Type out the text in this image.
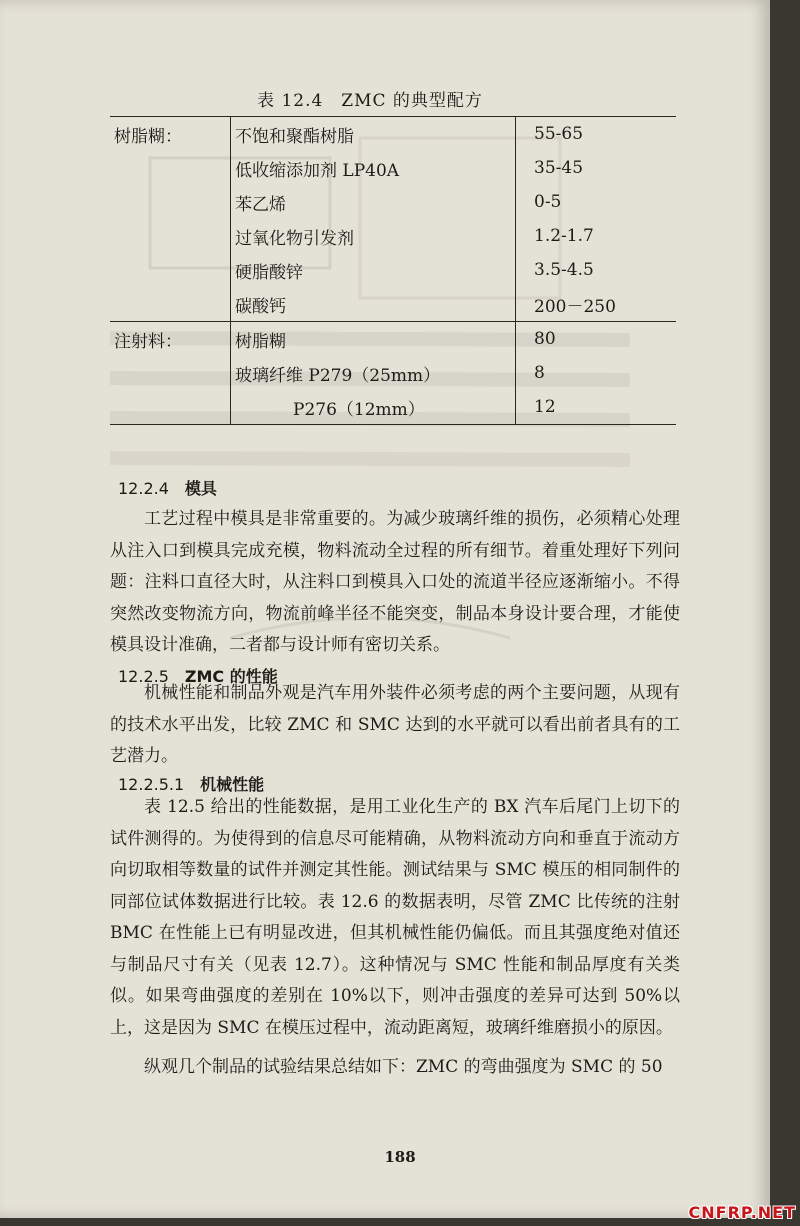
表 12.4　ZMC 的典型配方
树脂糊：	不饱和聚酯树脂	55-65
	低收缩添加剂 LP40A	35-45
	苯乙烯	0-5
	过氧化物引发剂	1.2-1.7
	硬脂酸锌	3.5-4.5
	碳酸钙	200－250
注射料：	树脂糊	80
	玻璃纤维 P279（25mm）	8
	P276（12mm）	12
12.2.4 模具

工艺过程中模具是非常重要的。为减少玻璃纤维的损伤，必须精心处理从注入口到模具完成充模，物料流动全过程的所有细节。着重处理好下列问题：注料口直径大时，从注料口到模具入口处的流道半径应逐渐缩小。不得突然改变物流方向，物流前峰半径不能突变，制品本身设计要合理，才能使模具设计准确，二者都与设计师有密切关系。

12.2.5 ZMC 的性能

机械性能和制品外观是汽车用外装件必须考虑的两个主要问题，从现有的技术水平出发，比较 ZMC 和 SMC 达到的水平就可以看出前者具有的工艺潜力。

12.2.5.1 机械性能

表 12.5 给出的性能数据，是用工业化生产的 BX 汽车后尾门上切下的试件测得的。为使得到的信息尽可能精确，从物料流动方向和垂直于流动方向切取相等数量的试件并测定其性能。测试结果与 SMC 模压的相同制件的同部位试体数据进行比较。表 12.6 的数据表明，尽管 ZMC 比传统的注射 BMC 在性能上已有明显改进，但其机械性能仍偏低。而且其强度绝对值还与制品尺寸有关（见表 12.7）。这种情况与 SMC 性能和制品厚度有关类似。如果弯曲强度的差别在 10%以下，则冲击强度的差异可达到 50%以上，这是因为 SMC 在模压过程中，流动距离短，玻璃纤维磨损小的原因。

纵观几个制品的试验结果总结如下：ZMC 的弯曲强度为 SMC 的 50

188
CNFRP.NET
